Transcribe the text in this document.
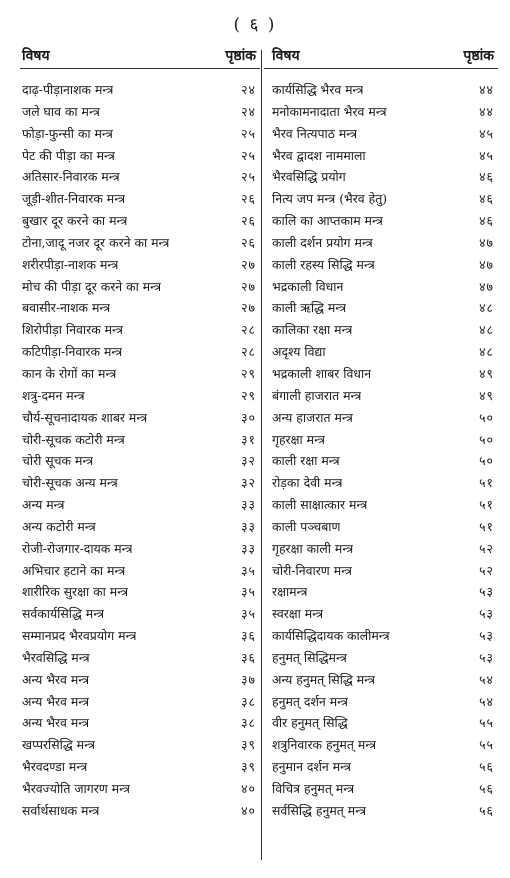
( ६ )
विषय	पृष्ठांक
दाढ़-पीड़ानाशक मन्त्र	२४
जले घाव का मन्त्र	२४
फोड़ा-फुन्सी का मन्त्र	२५
पेट की पीड़ा का मन्त्र	२५
अतिसार-निवारक मन्त्र	२५
जूड़ी-शीत-निवारक मन्त्र	२६
बुखार दूर करने का मन्त्र	२६
टोना,जादू नजर दूर करने का मन्त्र	२६
शरीरपीड़ा-नाशक मन्त्र	२७
मोच की पीड़ा दूर करने का मन्त्र	२७
बवासीर-नाशक मन्त्र	२७
शिरोपीड़ा निवारक मन्त्र	२८
कटिपीड़ा-निवारक मन्त्र	२८
कान के रोगों का मन्त्र	२९
शत्रु-दमन मन्त्र	२९
चौर्य-सूचनादायक शाबर मन्त्र	३०
चोरी-सूचक कटोरी मन्त्र	३१
चोरी सूचक मन्त्र	३२
चोरी-सूचक अन्य मन्त्र	३२
अन्य मन्त्र	३३
अन्य कटोरी मन्त्र	३३
रोजी-रोजगार-दायक मन्त्र	३३
अभिचार हटाने का मन्त्र	३५
शारीरिक सुरक्षा का मन्त्र	३५
सर्वकार्यसिद्धि मन्त्र	३५
सम्मानप्रद भैरवप्रयोग मन्त्र	३६
भैरवसिद्धि मन्त्र	३६
अन्य भैरव मन्त्र	३७
अन्य भैरव मन्त्र	३८
अन्य भैरव मन्त्र	३८
खप्परसिद्धि मन्त्र	३९
भैरवदण्डा मन्त्र	३९
भैरवज्योति जागरण मन्त्र	४०
सर्वार्थसाधक मन्त्र	४०
विषय	पृष्ठांक
कार्यसिद्धि भैरव मन्त्र	४४
मनोकामनादाता भैरव मन्त्र	४४
भैरव नित्यपाठ मन्त्र	४५
भैरव द्वादश नाममाला	४५
भैरवसिद्धि प्रयोग	४६
नित्य जप मन्त्र (भैरव हेतु)	४६
कालि का आप्तकाम मन्त्र	४६
काली दर्शन प्रयोग मन्त्र	४७
काली रहस्य सिद्धि मन्त्र	४७
भद्रकाली विधान	४७
काली ऋद्धि मन्त्र	४८
कालिका रक्षा मन्त्र	४८
अदृश्य विद्या	४८
भद्रकाली शाबर विधान	४९
बंगाली हाजरात मन्त्र	४९
अन्य हाजरात मन्त्र	५०
गृहरक्षा मन्त्र	५०
काली रक्षा मन्त्र	५०
रोड़का देवी मन्त्र	५१
काली साक्षात्कार मन्त्र	५१
काली पञ्चबाण	५१
गृहरक्षा काली मन्त्र	५२
चोरी-निवारण मन्त्र	५२
रक्षामन्त्र	५३
स्वरक्षा मन्त्र	५३
कार्यसिद्धिदायक कालीमन्त्र	५३
हनुमत् सिद्धिमन्त्र	५३
अन्य हनुमत् सिद्धि मन्त्र	५४
हनुमत् दर्शन मन्त्र	५४
वीर हनुमत् सिद्धि	५५
शत्रुनिवारक हनुमत् मन्त्र	५५
हनुमान दर्शन मन्त्र	५६
विचित्र हनुमत् मन्त्र	५६
सर्वसिद्धि हनुमत् मन्त्र	५६
